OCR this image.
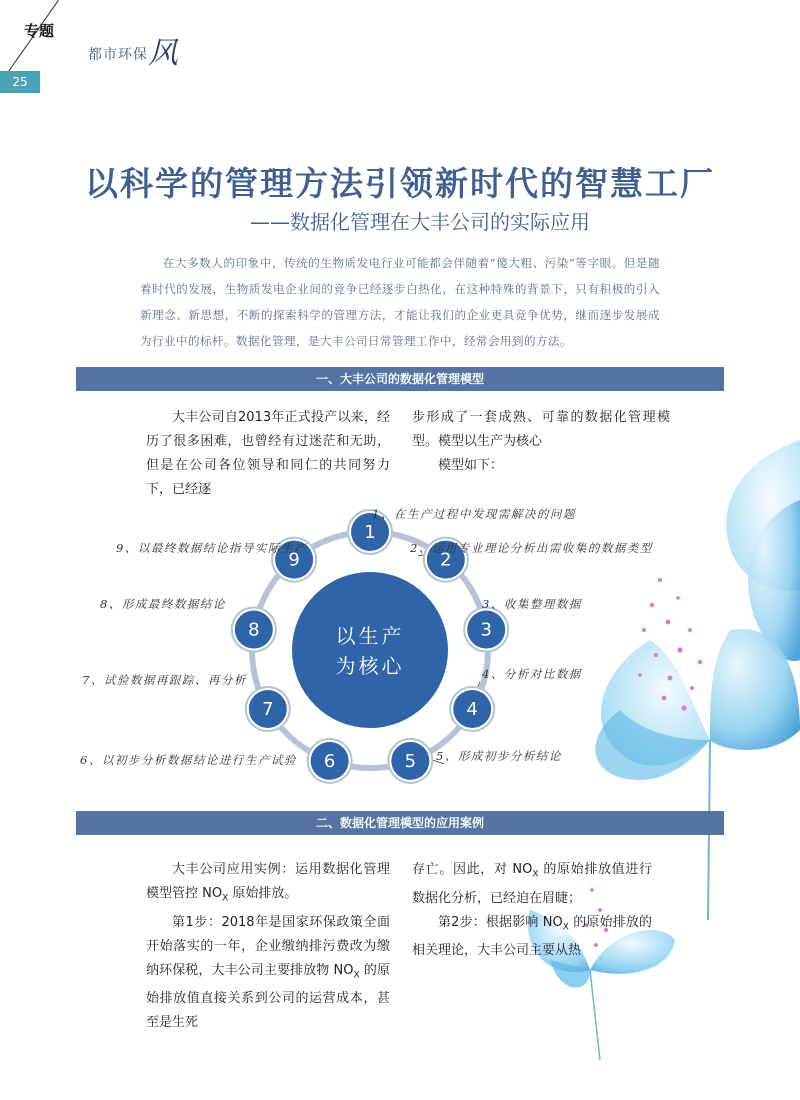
专题
都市环保风
25
以科学的管理方法引领新时代的智慧工厂
——数据化管理在大丰公司的实际应用
在大多数人的印象中，传统的生物质发电行业可能都会伴随着“傻大粗、污染”等字眼。但是随着时代的发展，生物质发电企业间的竞争已经逐步白热化，在这种特殊的背景下，只有积极的引入新理念、新思想，不断的探索科学的管理方法，才能让我们的企业更具竞争优势，继而逐步发展成为行业中的标杆。数据化管理，是大丰公司日常管理工作中，经常会用到的方法。
一、大丰公司的数据化管理模型
大丰公司自2013年正式投产以来，经历了很多困难，也曾经有过迷茫和无助，但是在公司各位领导和同仁的共同努力下，已经逐

步形成了一套成熟、可靠的数据化管理模型。模型以生产为核心

模型如下：

以生产
为核心
1
1、在生产过程中发现需解决的问题
2
2、运用专业理论分析出需收集的数据类型
3
3、收集整理数据
4
4、分析对比数据
5 5、形成初步分析结论
6
6、以初步分析数据结论进行生产试验
7
7、试验数据再跟踪、再分析
8
8、形成最终数据结论
9
9、以最终数据结论指导实际生产
二、数据化管理模型的应用案例

大丰公司应用实例：运用数据化管理模型管控 $NO_X$ 原始排放。

第1步：2018年是国家环保政策全面开始落实的一年，企业缴纳排污费改为缴纳环保税，大丰公司主要排放物 $NO_X$ 的原始排放值直接关系到公司的运营成本，甚至是生死

存亡。因此，对 $NO_X$ 的原始排放值进行数据化分析，已经迫在眉睫；

第2步：根据影响 $NO_X$ 的原始排放的相关理论，大丰公司主要从热
